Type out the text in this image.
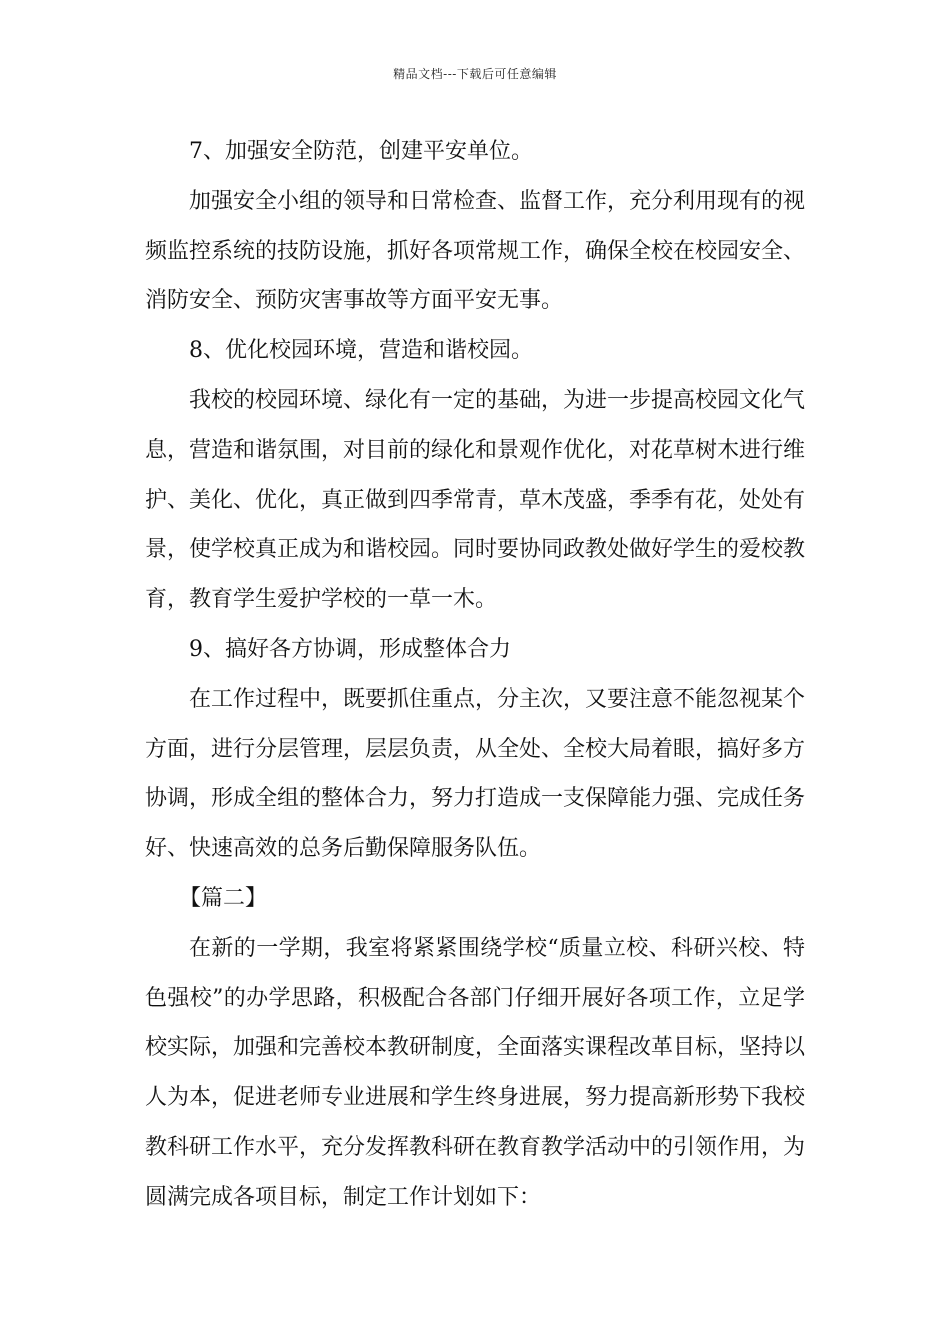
精品文档---下载后可任意编辑

7、加强安全防范，创建平安单位。

加强安全小组的领导和日常检查、监督工作，充分利用现有的视频监控系统的技防设施，抓好各项常规工作，确保全校在校园安全、消防安全、预防灾害事故等方面平安无事。

8、优化校园环境，营造和谐校园。

我校的校园环境、绿化有一定的基础，为进一步提高校园文化气息，营造和谐氛围，对目前的绿化和景观作优化，对花草树木进行维护、美化、优化，真正做到四季常青，草木茂盛，季季有花，处处有景，使学校真正成为和谐校园。同时要协同政教处做好学生的爱校教育，教育学生爱护学校的一草一木。

9、搞好各方协调，形成整体合力

在工作过程中，既要抓住重点，分主次，又要注意不能忽视某个方面，进行分层管理，层层负责，从全处、全校大局着眼，搞好多方协调，形成全组的整体合力，努力打造成一支保障能力强、完成任务好、快速高效的总务后勤保障服务队伍。

【篇二】

在新的一学期，我室将紧紧围绕学校“质量立校、科研兴校、特色强校”的办学思路，积极配合各部门仔细开展好各项工作，立足学校实际，加强和完善校本教研制度，全面落实课程改革目标，坚持以人为本，促进老师专业进展和学生终身进展，努力提高新形势下我校教科研工作水平，充分发挥教科研在教育教学活动中的引领作用，为圆满完成各项目标，制定工作计划如下：
